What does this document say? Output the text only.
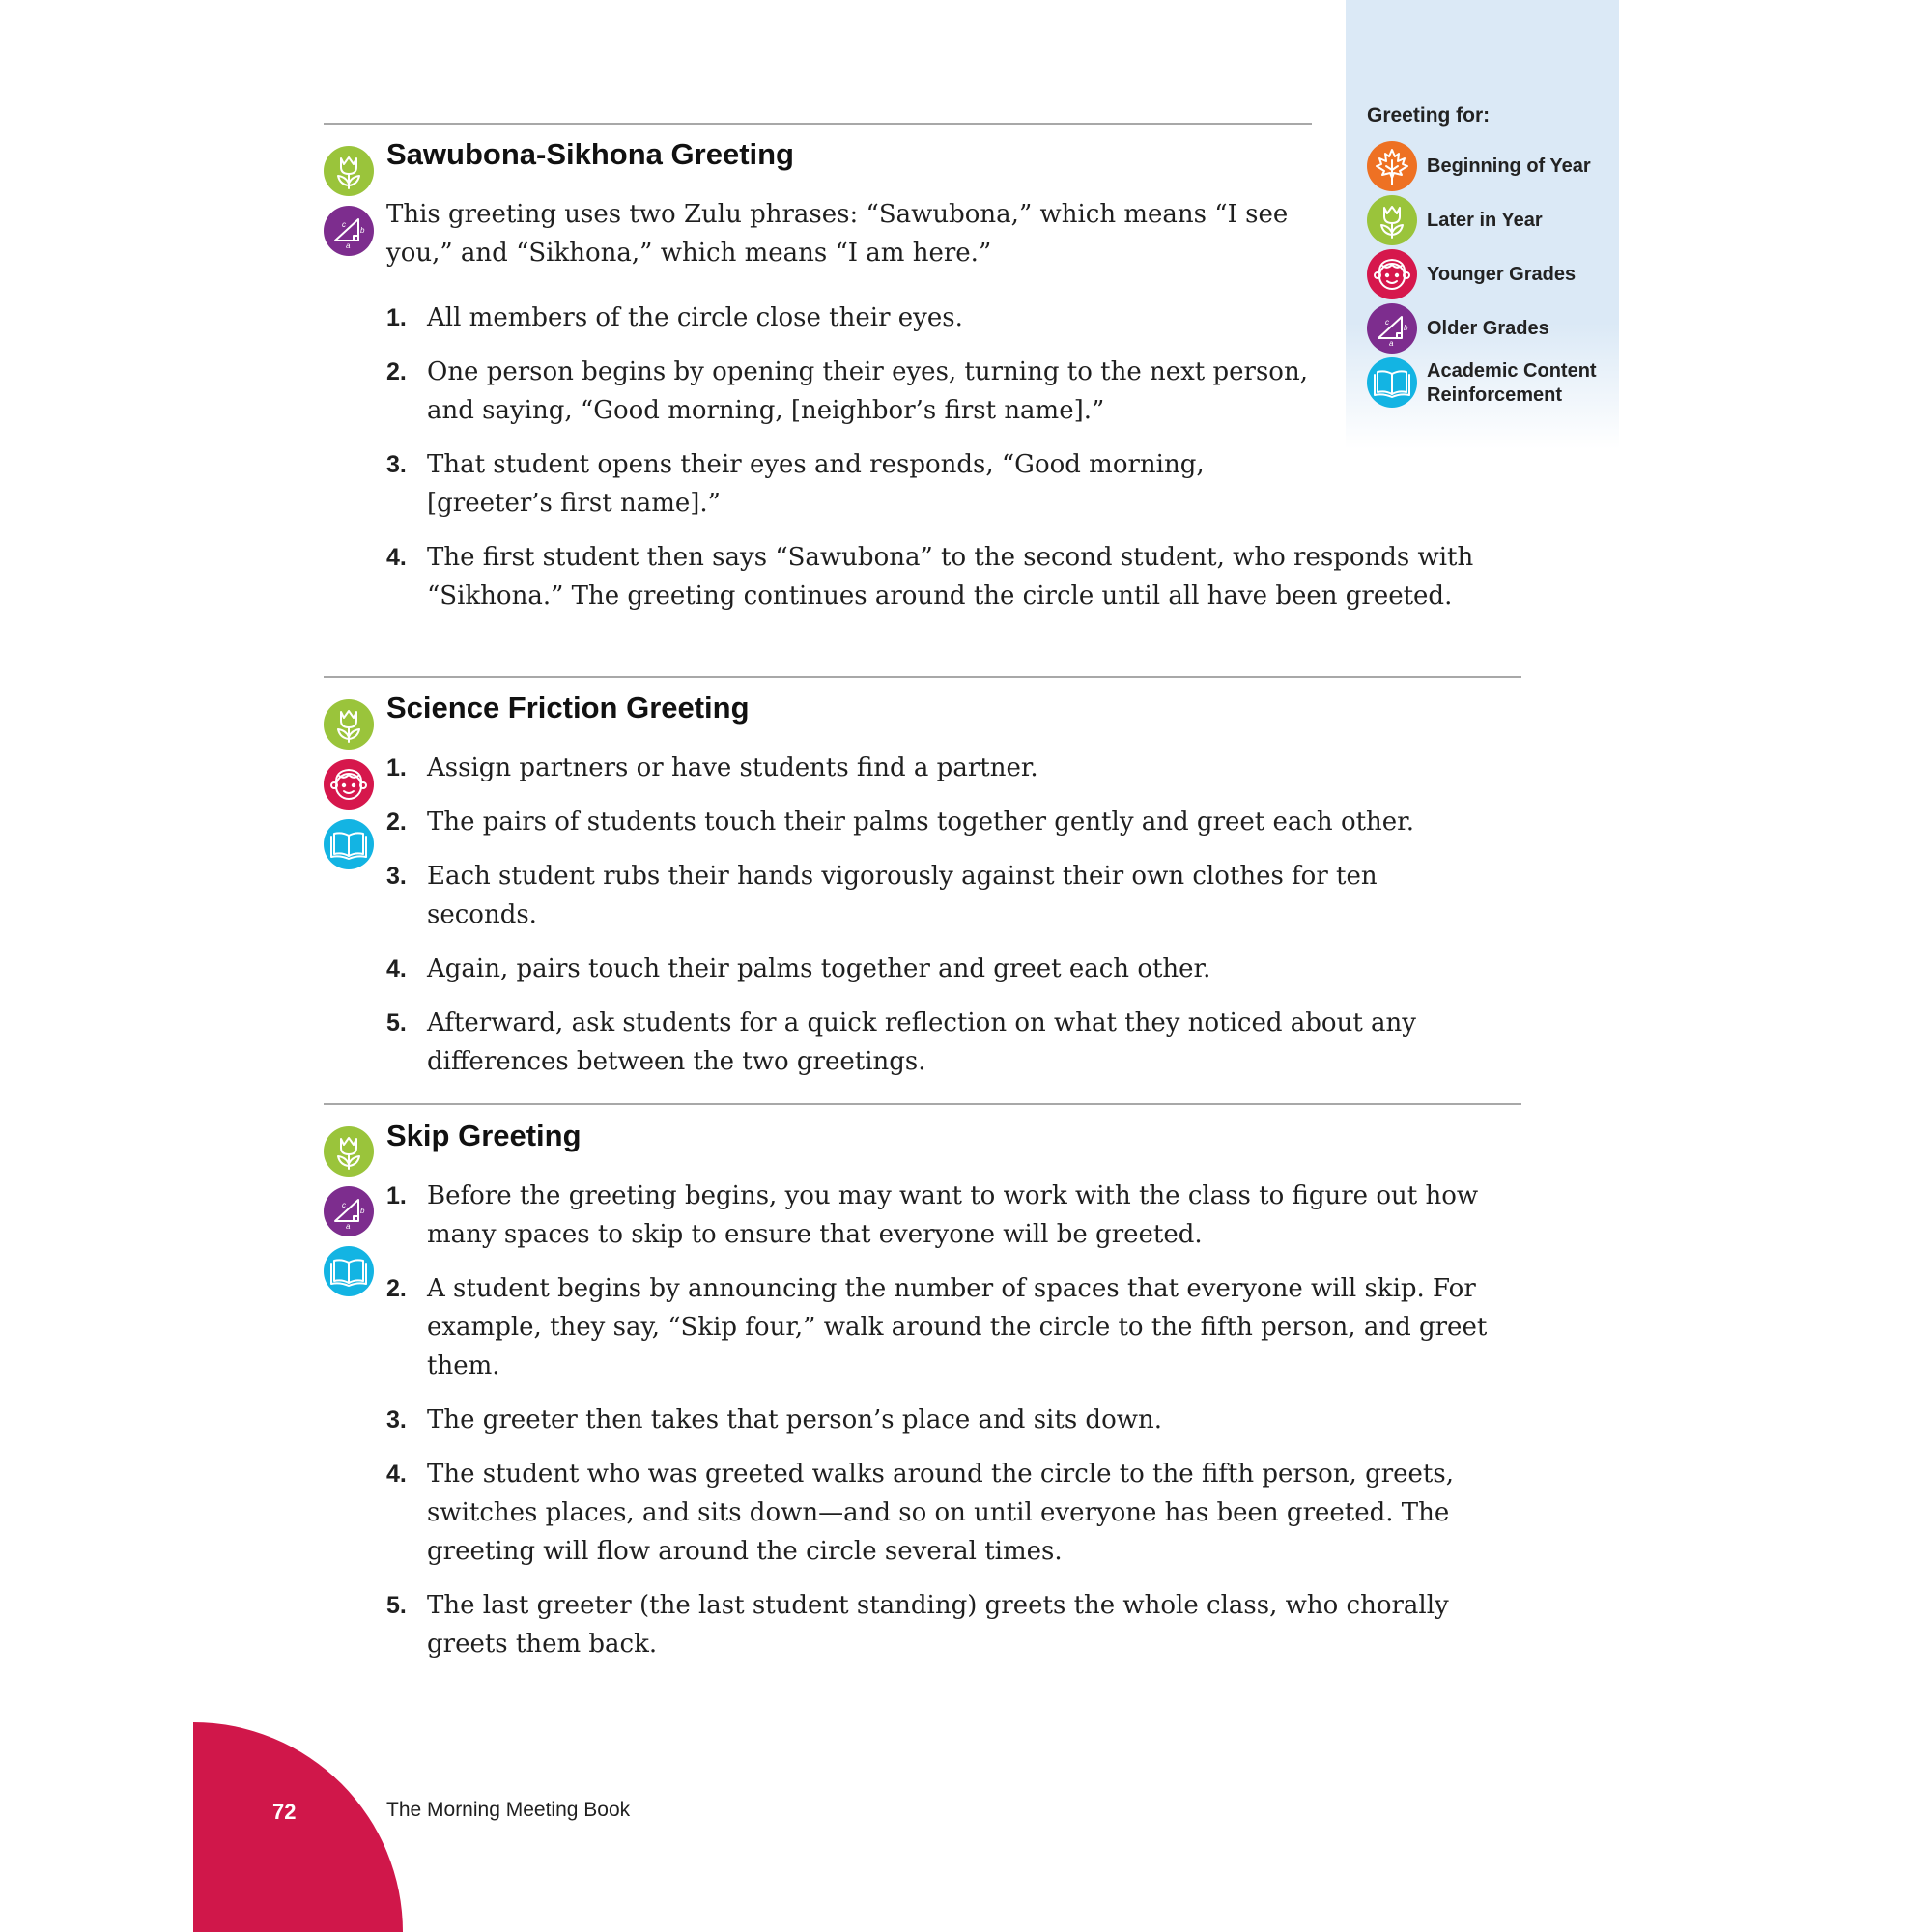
Greeting for:
Beginning of Year
Later in Year
Younger Grades
Older Grades
Academic Content Reinforcement
Sawubona-Sikhona Greeting
This greeting uses two Zulu phrases: “Sawubona,” which means “I see you,” and “Sikhona,” which means “I am here.”
1. All members of the circle close their eyes.
2. One person begins by opening their eyes, turning to the next person, and saying, “Good morning, [neighbor’s first name].”
3. That student opens their eyes and responds, “Good morning, [greeter’s first name].”
4. The first student then says “Sawubona” to the second student, who responds with “Sikhona.” The greeting continues around the circle until all have been greeted.
Science Friction Greeting
1. Assign partners or have students find a partner.
2. The pairs of students touch their palms together gently and greet each other.
3. Each student rubs their hands vigorously against their own clothes for ten seconds.
4. Again, pairs touch their palms together and greet each other.
5. Afterward, ask students for a quick reflection on what they noticed about any differences between the two greetings.
Skip Greeting
1. Before the greeting begins, you may want to work with the class to figure out how many spaces to skip to ensure that everyone will be greeted.
2. A student begins by announcing the number of spaces that everyone will skip. For example, they say, “Skip four,” walk around the circle to the fifth person, and greet them.
3. The greeter then takes that person’s place and sits down.
4. The student who was greeted walks around the circle to the fifth person, greets, switches places, and sits down—and so on until everyone has been greeted. The greeting will flow around the circle several times.
5. The last greeter (the last student standing) greets the whole class, who chorally greets them back.
72	The Morning Meeting Book
